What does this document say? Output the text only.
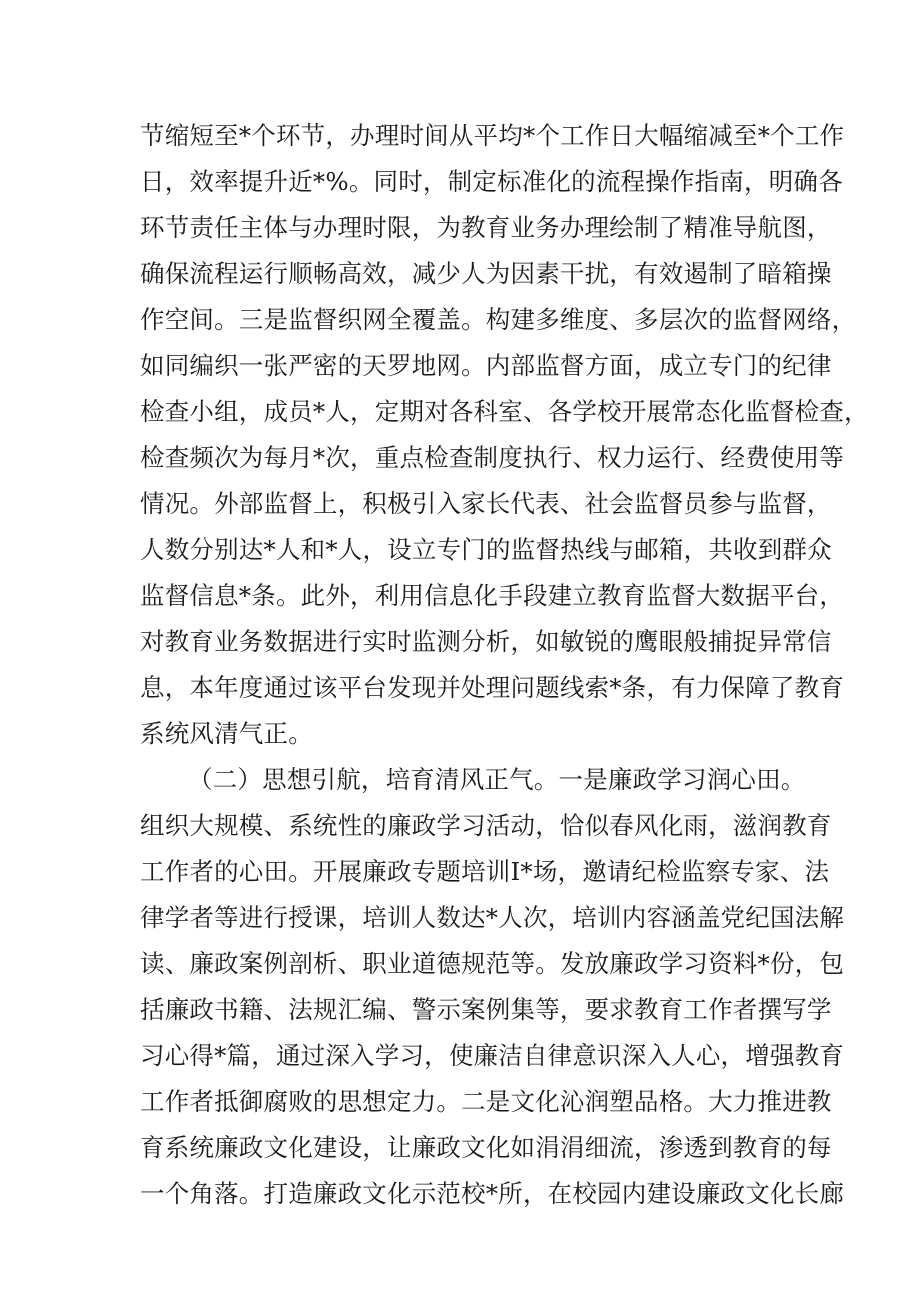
节缩短至*个环节，办理时间从平均*个工作日大幅缩减至*个工作
日，效率提升近*%。同时，制定标准化的流程操作指南，明确各
环节责任主体与办理时限，为教育业务办理绘制了精准导航图，
确保流程运行顺畅高效，减少人为因素干扰，有效遏制了暗箱操
作空间。三是监督织网全覆盖。构建多维度、多层次的监督网络，
如同编织一张严密的天罗地网。内部监督方面，成立专门的纪律
检查小组，成员*人，定期对各科室、各学校开展常态化监督检查，
检查频次为每月*次，重点检查制度执行、权力运行、经费使用等
情况。外部监督上，积极引入家长代表、社会监督员参与监督，
人数分别达*人和*人，设立专门的监督热线与邮箱，共收到群众
监督信息*条。此外，利用信息化手段建立教育监督大数据平台，
对教育业务数据进行实时监测分析，如敏锐的鹰眼般捕捉异常信
息，本年度通过该平台发现并处理问题线索*条，有力保障了教育
系统风清气正。
（二）思想引航，培育清风正气。一是廉政学习润心田。
组织大规模、系统性的廉政学习活动，恰似春风化雨，滋润教育
工作者的心田。开展廉政专题培训I*场，邀请纪检监察专家、法
律学者等进行授课，培训人数达*人次，培训内容涵盖党纪国法解
读、廉政案例剖析、职业道德规范等。发放廉政学习资料*份，包
括廉政书籍、法规汇编、警示案例集等，要求教育工作者撰写学
习心得*篇，通过深入学习，使廉洁自律意识深入人心，增强教育
工作者抵御腐败的思想定力。二是文化沁润塑品格。大力推进教
育系统廉政文化建设，让廉政文化如涓涓细流，渗透到教育的每
一个角落。打造廉政文化示范校*所，在校园内建设廉政文化长廊
